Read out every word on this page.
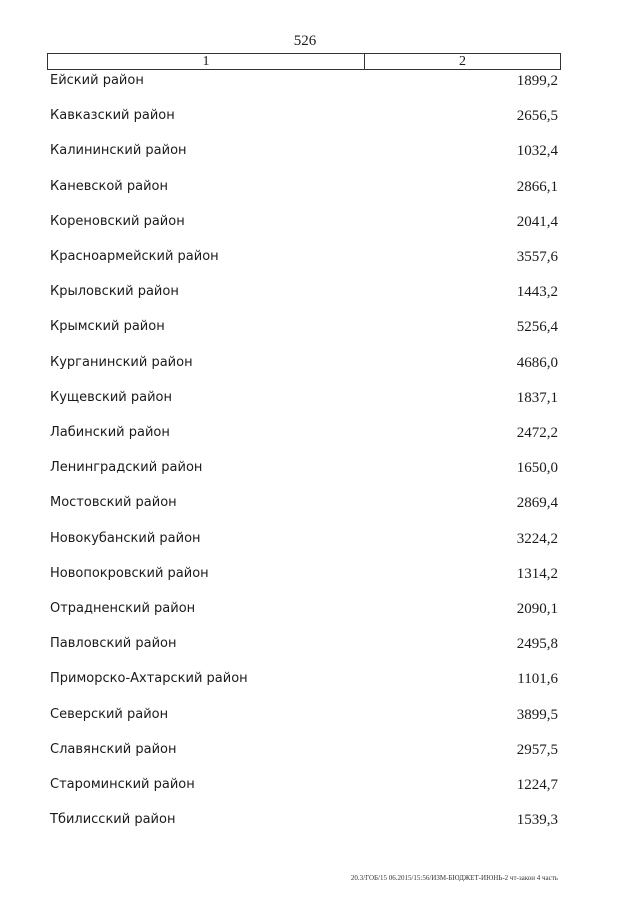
526
1	2
Ейский район	1899,2
Кавказский район	2656,5
Калининский район	1032,4
Каневской район	2866,1
Кореновский район	2041,4
Красноармейский район	3557,6
Крыловский район	1443,2
Крымский район	5256,4
Курганинский район	4686,0
Кущевский район	1837,1
Лабинский район	2472,2
Ленинградский район	1650,0
Мостовский район	2869,4
Новокубанский район	3224,2
Новопокровский район	1314,2
Отрадненский район	2090,1
Павловский район	2495,8
Приморско-Ахтарский район	1101,6
Северский район	3899,5
Славянский район	2957,5
Староминский район	1224,7
Тбилисский район	1539,3
20.3/ГОБ/15 06.2015/15:56/ИЗМ-БЮДЖЕТ-ИЮНЬ-2 чт-закон 4 часть
